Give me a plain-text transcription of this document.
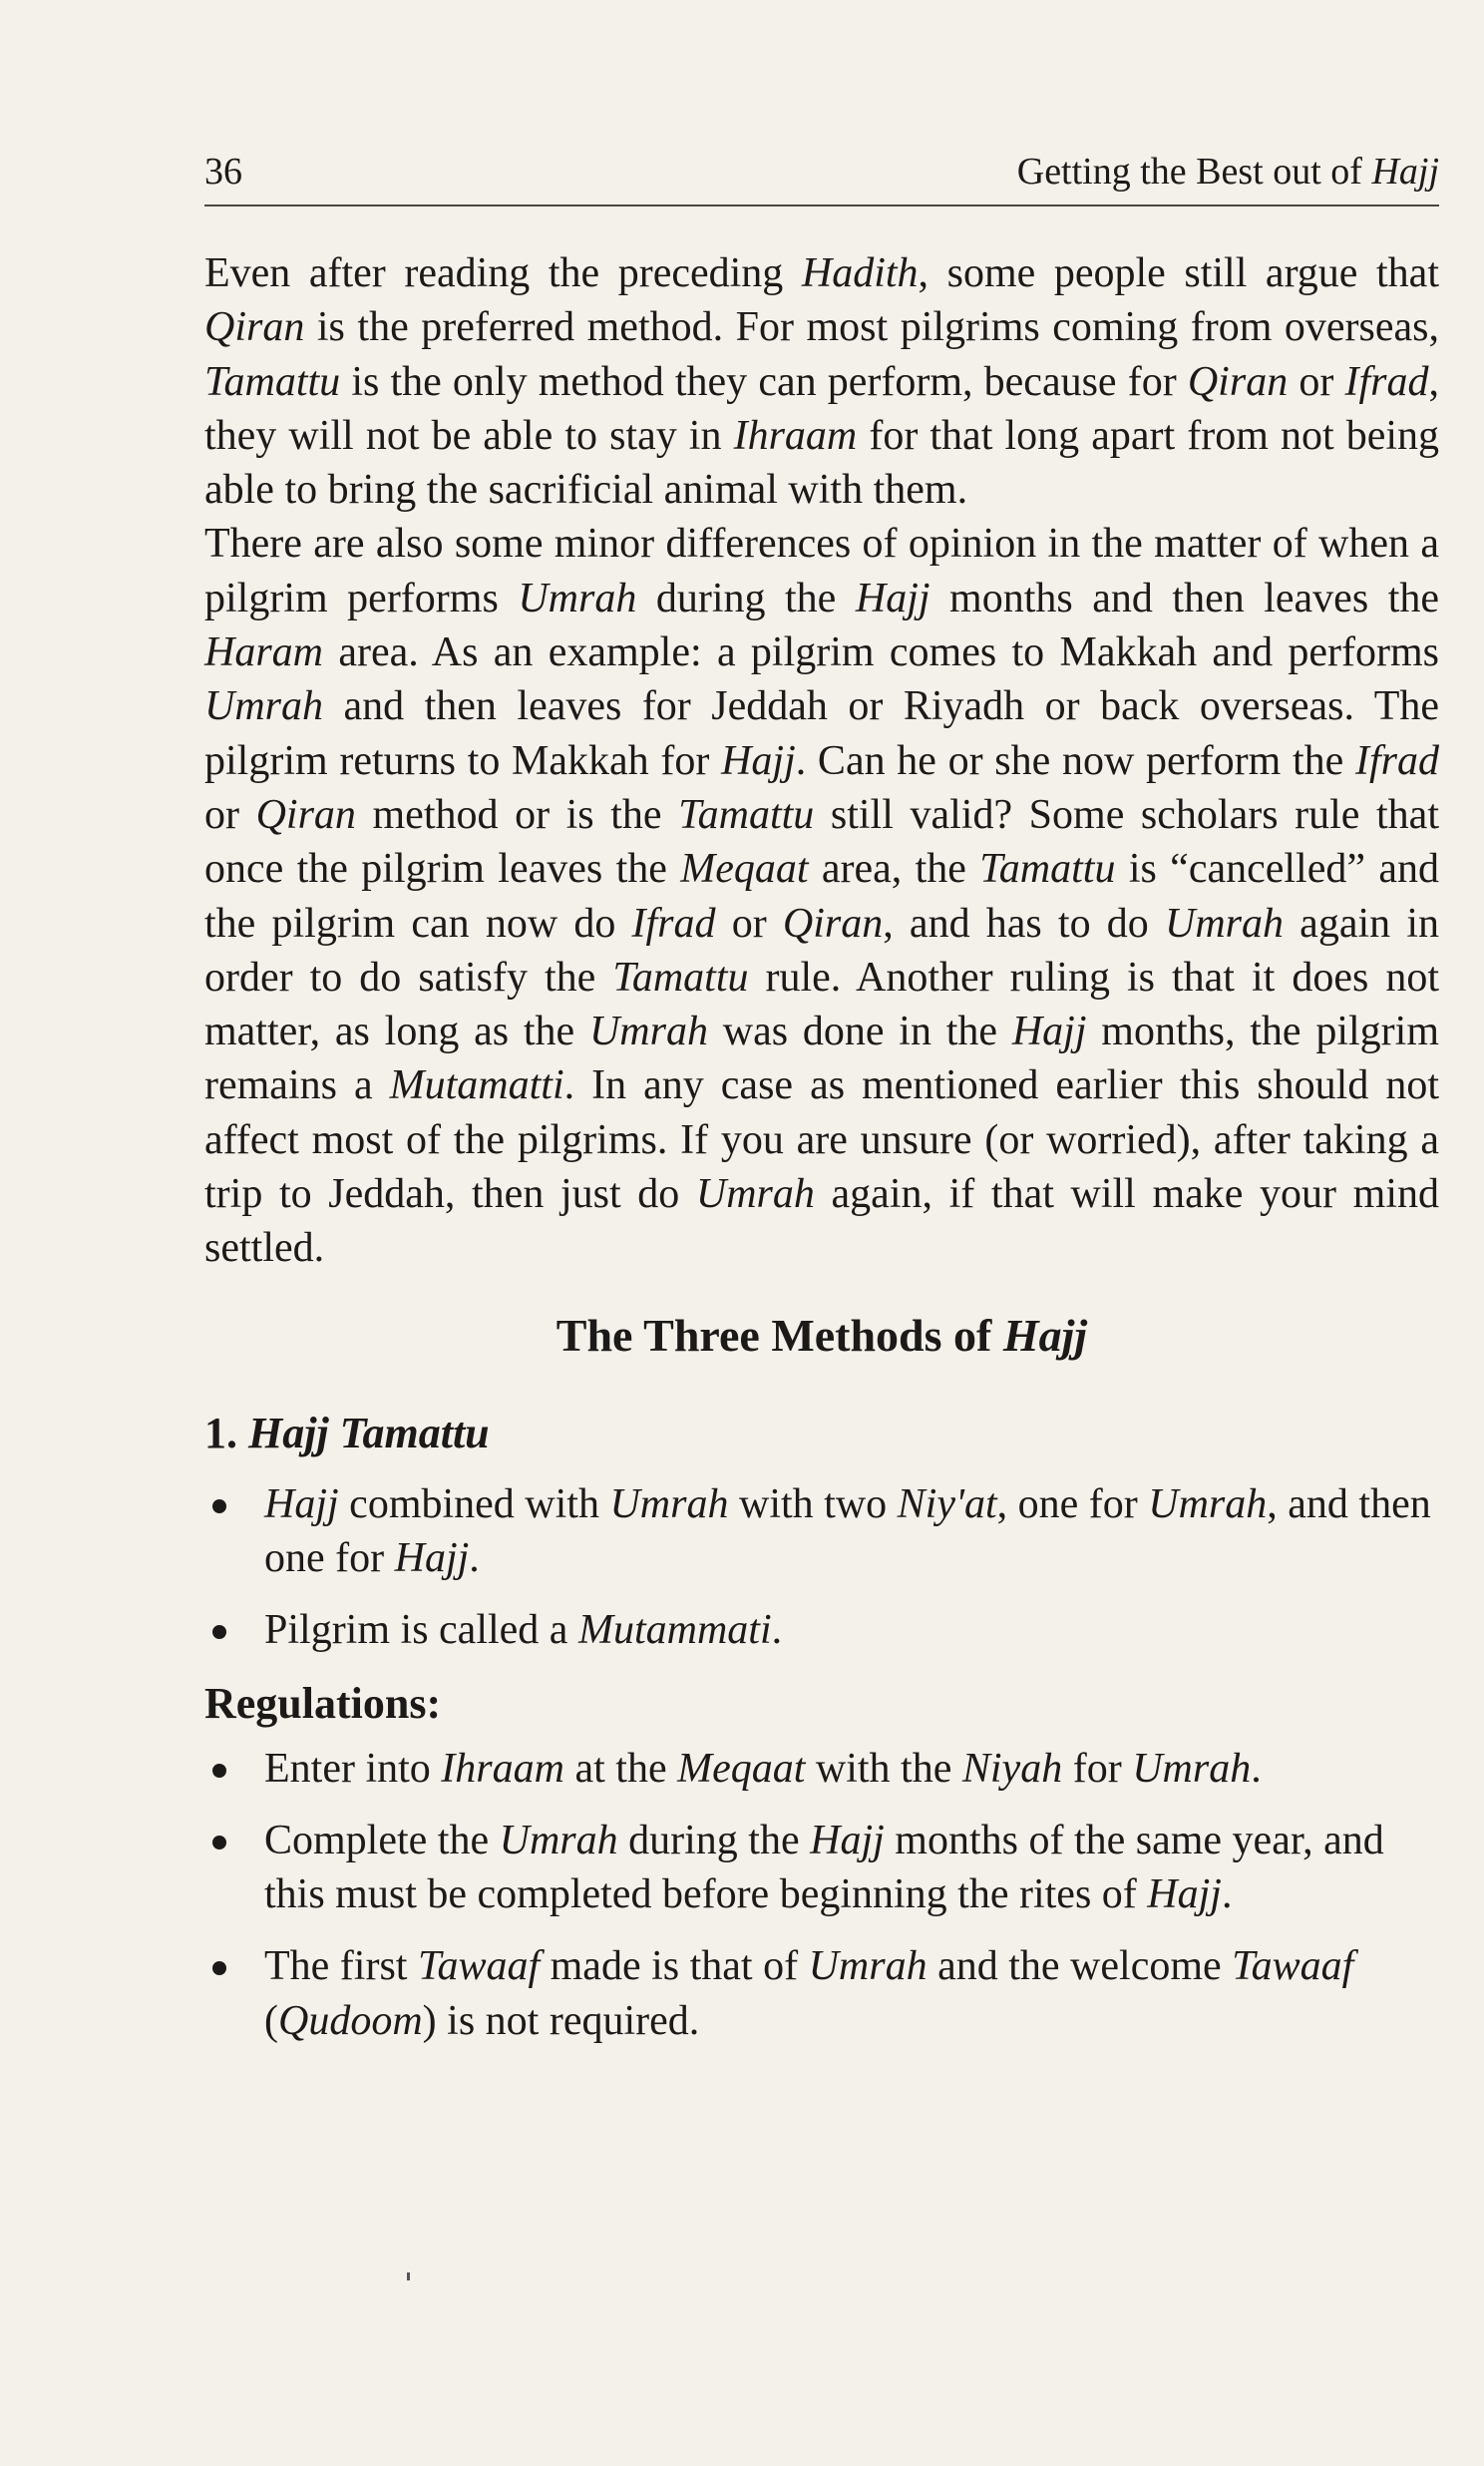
36	Getting the Best out of Hajj

Even after reading the preceding Hadith, some people still argue that Qiran is the preferred method. For most pilgrims coming from overseas, Tamattu is the only method they can perform, because for Qiran or Ifrad, they will not be able to stay in Ihraam for that long apart from not being able to bring the sacrificial animal with them.

There are also some minor differences of opinion in the matter of when a pilgrim performs Umrah during the Hajj months and then leaves the Haram area. As an example: a pilgrim comes to Makkah and performs Umrah and then leaves for Jeddah or Riyadh or back overseas. The pilgrim returns to Makkah for Hajj. Can he or she now perform the Ifrad or Qiran method or is the Tamattu still valid? Some scholars rule that once the pilgrim leaves the Meqaat area, the Tamattu is “cancelled” and the pilgrim can now do Ifrad or Qiran, and has to do Umrah again in order to do satisfy the Tamattu rule. Another ruling is that it does not matter, as long as the Umrah was done in the Hajj months, the pilgrim remains a Mutamatti. In any case as mentioned earlier this should not affect most of the pilgrims. If you are unsure (or worried), after taking a trip to Jeddah, then just do Umrah again, if that will make your mind settled.

The Three Methods of Hajj
1. Hajj Tamattu
Hajj combined with Umrah with two Niy'at, one for Umrah, and then one for Hajj.
Pilgrim is called a Mutammati.
Regulations:
Enter into Ihraam at the Meqaat with the Niyah for Umrah.
Complete the Umrah during the Hajj months of the same year, and this must be completed before beginning the rites of Hajj.
The first Tawaaf made is that of Umrah and the welcome Tawaaf (Qudoom) is not required.
